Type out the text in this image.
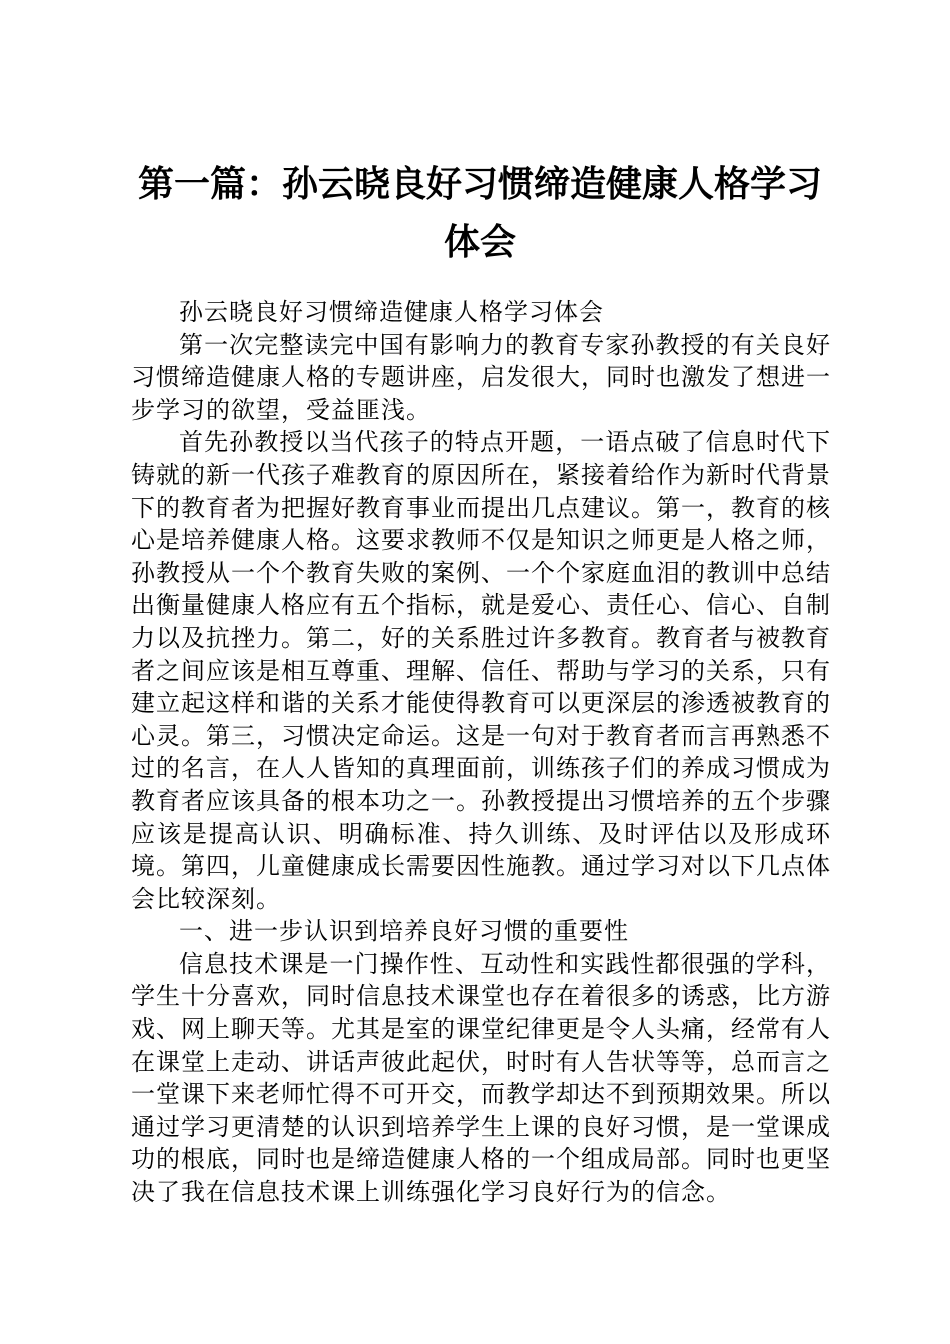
第一篇：孙云晓良好习惯缔造健康人格学习体会

孙云晓良好习惯缔造健康人格学习体会

第一次完整读完中国有影响力的教育专家孙教授的有关良好习惯缔造健康人格的专题讲座，启发很大，同时也激发了想进一步学习的欲望，受益匪浅。

首先孙教授以当代孩子的特点开题，一语点破了信息时代下铸就的新一代孩子难教育的原因所在，紧接着给作为新时代背景下的教育者为把握好教育事业而提出几点建议。第一，教育的核心是培养健康人格。这要求教师不仅是知识之师更是人格之师，孙教授从一个个教育失败的案例、一个个家庭血泪的教训中总结出衡量健康人格应有五个指标，就是爱心、责任心、信心、自制力以及抗挫力。第二，好的关系胜过许多教育。教育者与被教育者之间应该是相互尊重、理解、信任、帮助与学习的关系，只有建立起这样和谐的关系才能使得教育可以更深层的渗透被教育的心灵。第三，习惯决定命运。这是一句对于教育者而言再熟悉不过的名言，在人人皆知的真理面前，训练孩子们的养成习惯成为教育者应该具备的根本功之一。孙教授提出习惯培养的五个步骤应该是提高认识、明确标准、持久训练、及时评估以及形成环境。第四，儿童健康成长需要因性施教。通过学习对以下几点体会比较深刻。

一、进一步认识到培养良好习惯的重要性

信息技术课是一门操作性、互动性和实践性都很强的学科，学生十分喜欢，同时信息技术课堂也存在着很多的诱惑，比方游戏、网上聊天等。尤其是室的课堂纪律更是令人头痛，经常有人在课堂上走动、讲话声彼此起伏，时时有人告状等等，总而言之一堂课下来老师忙得不可开交，而教学却达不到预期效果。所以通过学习更清楚的认识到培养学生上课的良好习惯，是一堂课成功的根底，同时也是缔造健康人格的一个组成局部。同时也更坚决了我在信息技术课上训练强化学习良好行为的信念。
